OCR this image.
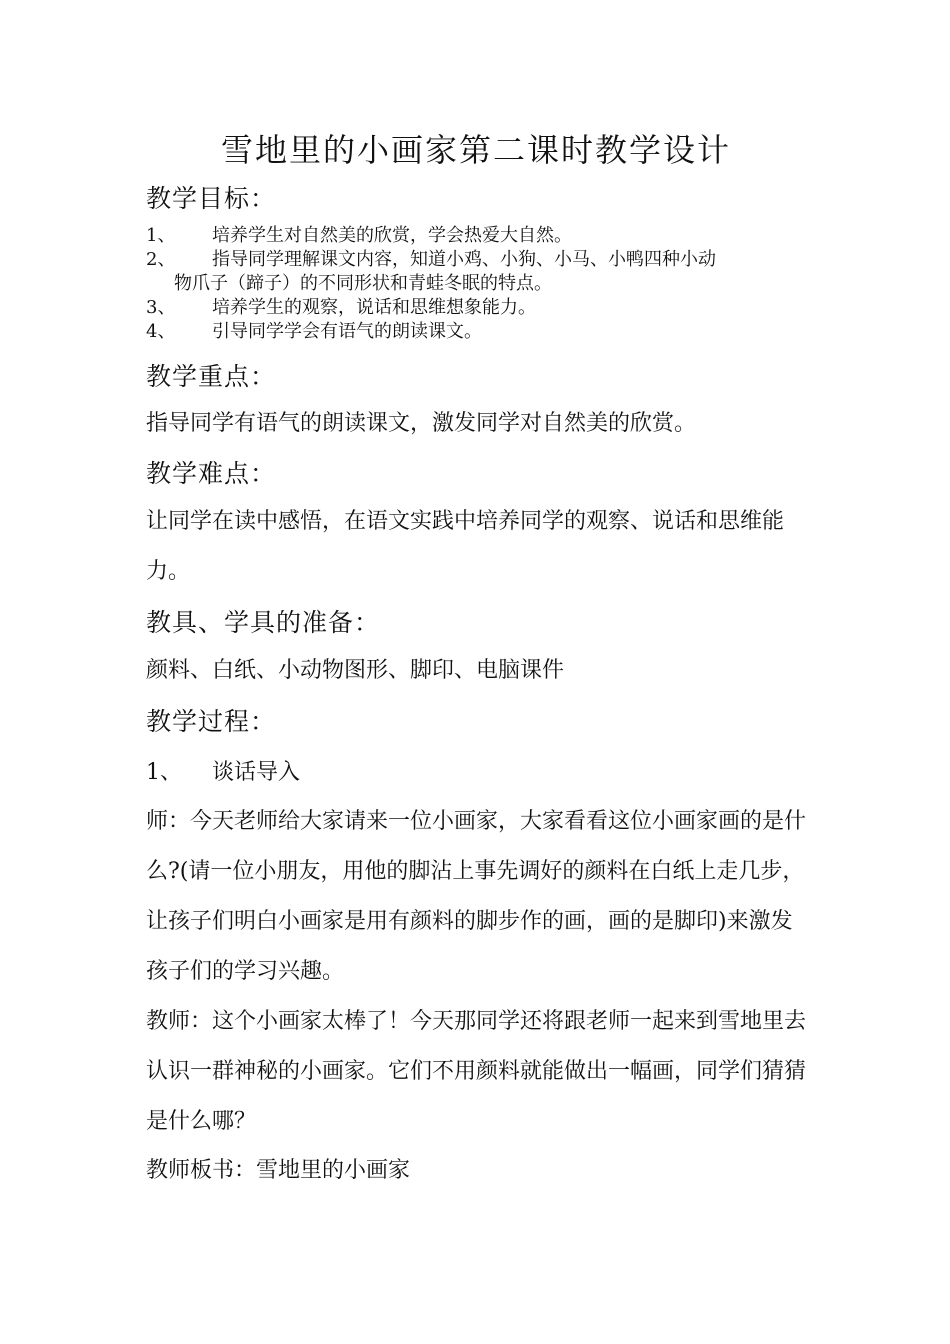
雪地里的小画家第二课时教学设计
教学目标：
1、 培养学生对自然美的欣赏，学会热爱大自然。
2、 指导同学理解课文内容，知道小鸡、小狗、小马、小鸭四种小动
物爪子（蹄子）的不同形状和青蛙冬眠的特点。
3、 培养学生的观察，说话和思维想象能力。
4、 引导同学学会有语气的朗读课文。
教学重点：
指导同学有语气的朗读课文，激发同学对自然美的欣赏。
教学难点：
让同学在读中感悟，在语文实践中培养同学的观察、说话和思维能力。
教具、学具的准备：
颜料、白纸、小动物图形、脚印、电脑课件
教学过程：
1、 谈话导入
师：今天老师给大家请来一位小画家，大家看看这位小画家画的是什么?(请一位小朋友，用他的脚沾上事先调好的颜料在白纸上走几步，让孩子们明白小画家是用有颜料的脚步作的画，画的是脚印)来激发孩子们的学习兴趣。
教师：这个小画家太棒了！今天那同学还将跟老师一起来到雪地里去认识一群神秘的小画家。它们不用颜料就能做出一幅画，同学们猜猜是什么哪？
教师板书：雪地里的小画家
